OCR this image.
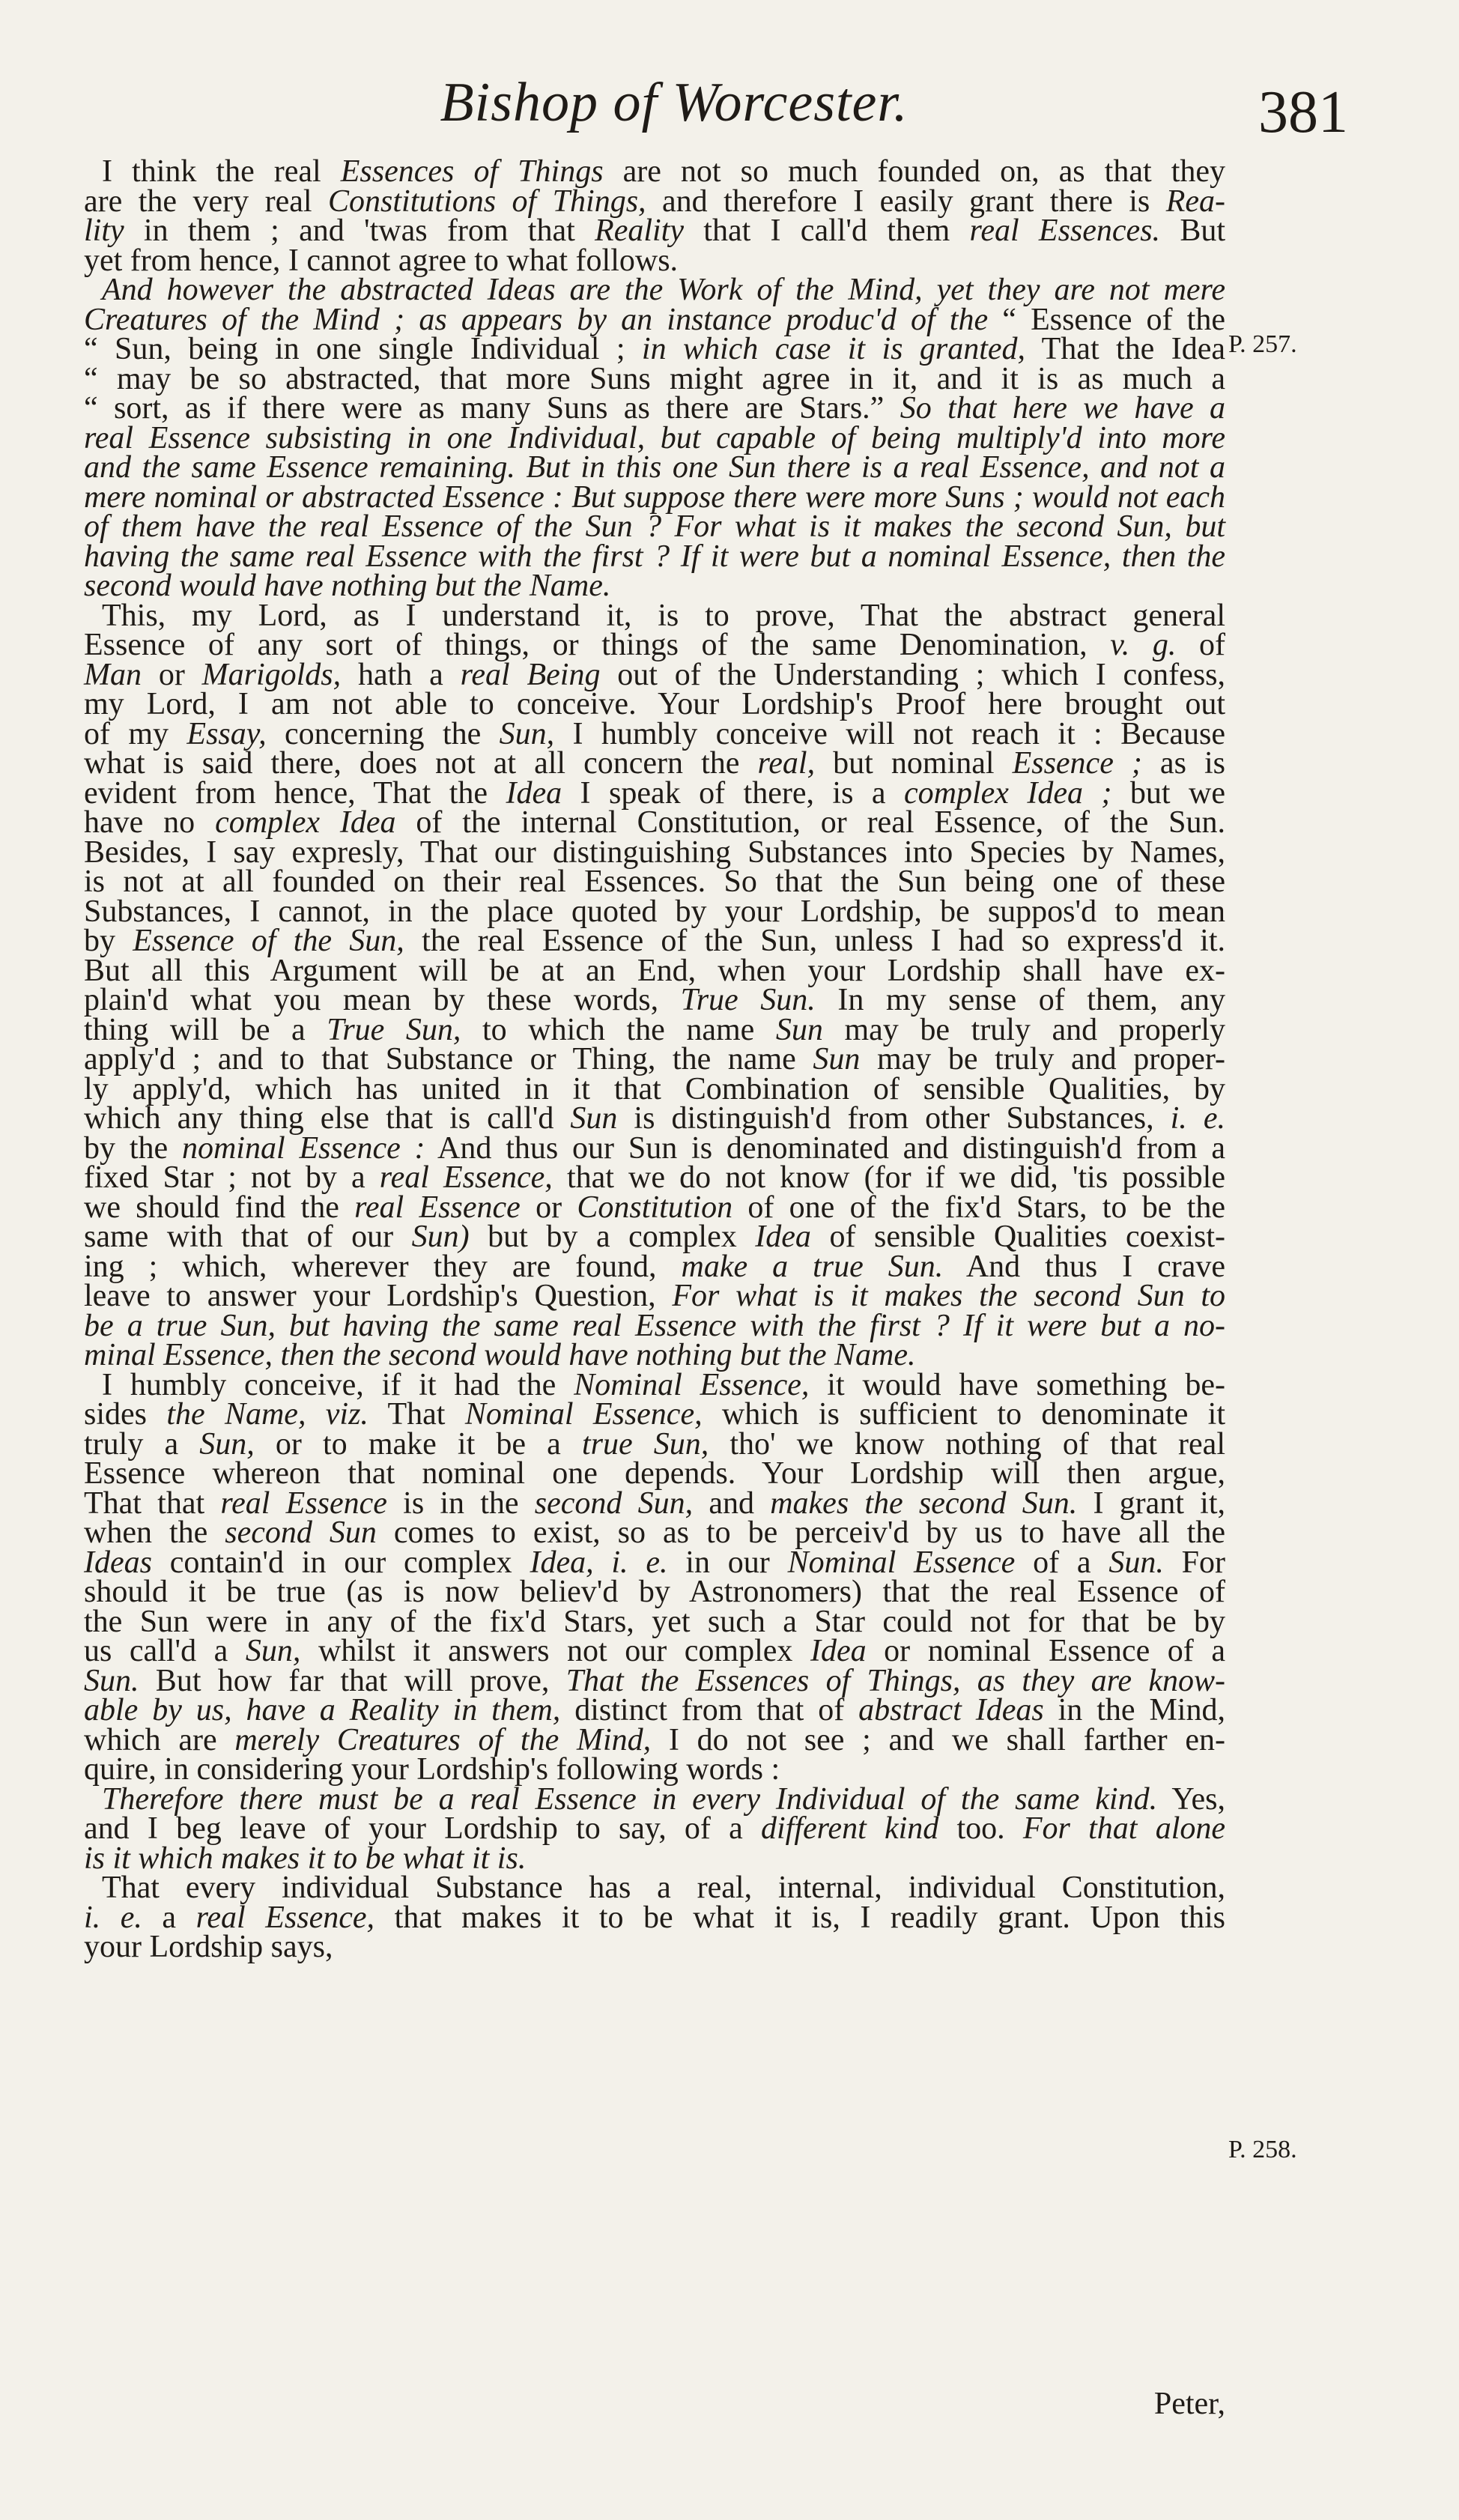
Bishop of Worcester.	381
P. 257.
P. 258.

I think the real Essences of Things are not so much founded on, as that they

are the very real Constitutions of Things, and therefore I easily grant there is Rea-

lity in them ; and 'twas from that Reality that I call'd them real Essences. But

yet from hence, I cannot agree to what follows.

And however the abstracted Ideas are the Work of the Mind, yet they are not mere

Creatures of the Mind ; as appears by an instance produc'd of the “ Essence of the

“ Sun, being in one single Individual ; in which case it is granted, That the Idea

“ may be so abstracted, that more Suns might agree in it, and it is as much a

“ sort, as if there were as many Suns as there are Stars.” So that here we have a

real Essence subsisting in one Individual, but capable of being multiply'd into more

and the same Essence remaining. But in this one Sun there is a real Essence, and not a

mere nominal or abstracted Essence : But suppose there were more Suns ; would not each

of them have the real Essence of the Sun ? For what is it makes the second Sun, but

having the same real Essence with the first ? If it were but a nominal Essence, then the

second would have nothing but the Name.

This, my Lord, as I understand it, is to prove, That the abstract general

Essence of any sort of things, or things of the same Denomination, v. g. of

Man or Marigolds, hath a real Being out of the Understanding ; which I confess,

my Lord, I am not able to conceive. Your Lordship's Proof here brought out

of my Essay, concerning the Sun, I humbly conceive will not reach it : Because

what is said there, does not at all concern the real, but nominal Essence ; as is

evident from hence, That the Idea I speak of there, is a complex Idea ; but we

have no complex Idea of the internal Constitution, or real Essence, of the Sun.

Besides, I say expresly, That our distinguishing Substances into Species by Names,

is not at all founded on their real Essences. So that the Sun being one of these

Substances, I cannot, in the place quoted by your Lordship, be suppos'd to mean

by Essence of the Sun, the real Essence of the Sun, unless I had so express'd it.

But all this Argument will be at an End, when your Lordship shall have ex-

plain'd what you mean by these words, True Sun. In my sense of them, any

thing will be a True Sun, to which the name Sun may be truly and properly

apply'd ; and to that Substance or Thing, the name Sun may be truly and proper-

ly apply'd, which has united in it that Combination of sensible Qualities, by

which any thing else that is call'd Sun is distinguish'd from other Substances, i. e.

by the nominal Essence : And thus our Sun is denominated and distinguish'd from a

fixed Star ; not by a real Essence, that we do not know (for if we did, 'tis possible

we should find the real Essence or Constitution of one of the fix'd Stars, to be the

same with that of our Sun) but by a complex Idea of sensible Qualities coexist-

ing ; which, wherever they are found, make a true Sun. And thus I crave

leave to answer your Lordship's Question, For what is it makes the second Sun to

be a true Sun, but having the same real Essence with the first ? If it were but a no-

minal Essence, then the second would have nothing but the Name.

I humbly conceive, if it had the Nominal Essence, it would have something be-

sides the Name, viz. That Nominal Essence, which is sufficient to denominate it

truly a Sun, or to make it be a true Sun, tho' we know nothing of that real

Essence whereon that nominal one depends. Your Lordship will then argue,

That that real Essence is in the second Sun, and makes the second Sun. I grant it,

when the second Sun comes to exist, so as to be perceiv'd by us to have all the

Ideas contain'd in our complex Idea, i. e. in our Nominal Essence of a Sun. For

should it be true (as is now believ'd by Astronomers) that the real Essence of

the Sun were in any of the fix'd Stars, yet such a Star could not for that be by

us call'd a Sun, whilst it answers not our complex Idea or nominal Essence of a

Sun. But how far that will prove, That the Essences of Things, as they are know-

able by us, have a Reality in them, distinct from that of abstract Ideas in the Mind,

which are merely Creatures of the Mind, I do not see ; and we shall farther en-

quire, in considering your Lordship's following words :

Therefore there must be a real Essence in every Individual of the same kind. Yes,

and I beg leave of your Lordship to say, of a different kind too. For that alone

is it which makes it to be what it is.

That every individual Substance has a real, internal, individual Constitution,

i. e. a real Essence, that makes it to be what it is, I readily grant. Upon this

your Lordship says,

Peter,
